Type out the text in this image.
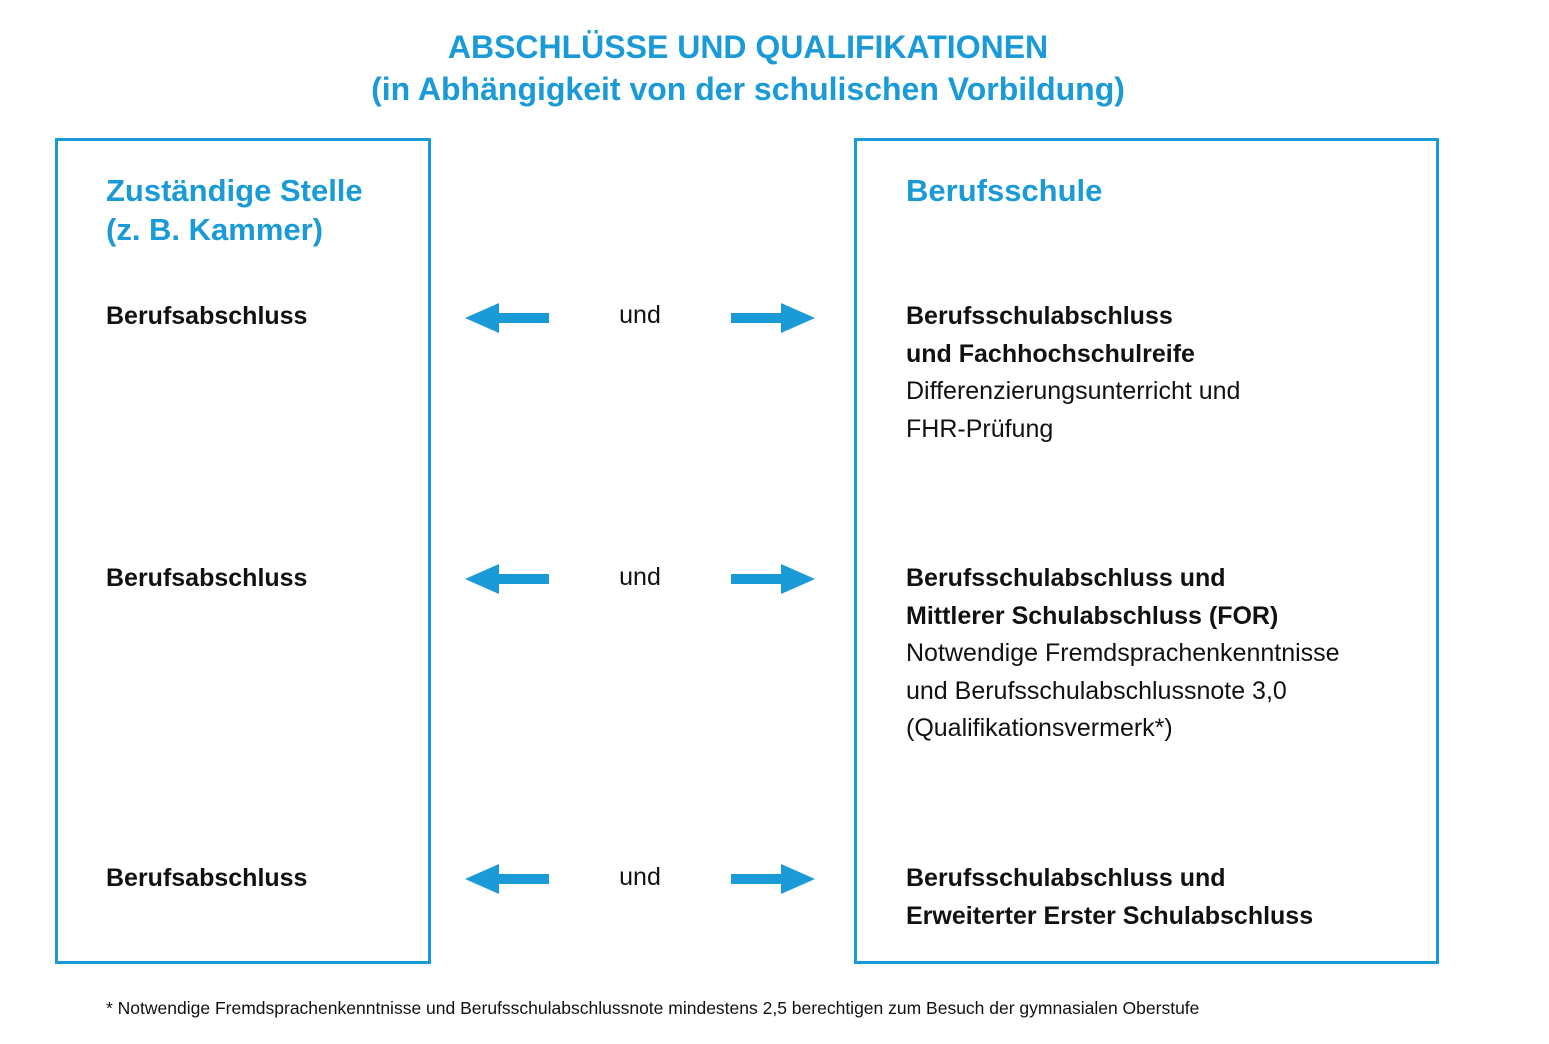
ABSCHLÜSSE UND QUALIFIKATIONEN
(in Abhängigkeit von der schulischen Vorbildung)
Zuständige Stelle
(z. B. Kammer)
Berufsschule
Berufsabschluss	und	Berufsschulabschluss
und Fachhochschulreife
Differenzierungsunterricht und
FHR-Prüfung
Berufsabschluss	und	Berufsschulabschluss und
Mittlerer Schulabschluss (FOR)
Notwendige Fremdsprachenkenntnisse
und Berufsschulabschlussnote 3,0
(Qualifikationsvermerk*)
Berufsabschluss	und	Berufsschulabschluss und
Erweiterter Erster Schulabschluss
* Notwendige Fremdsprachenkenntnisse und Berufsschulabschlussnote mindestens 2,5 berechtigen zum Besuch der gymnasialen Oberstufe
